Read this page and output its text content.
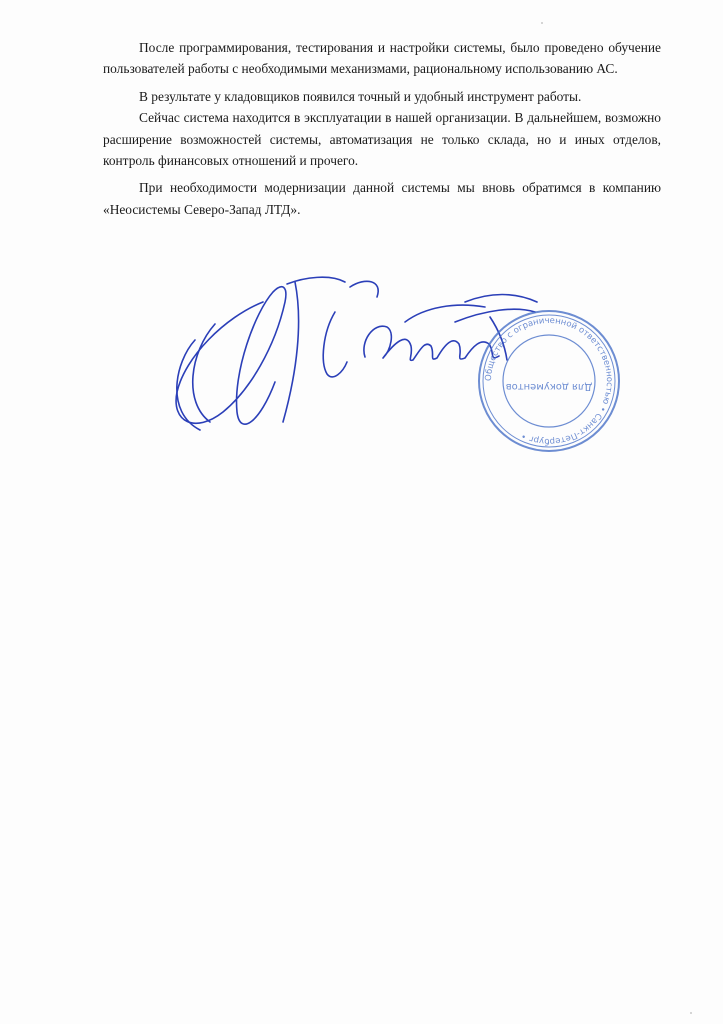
После программирования, тестирования и настройки системы, было проведено обучение пользователей работы с необходимыми механизмами, рациональному использованию АС.

В результате у кладовщиков появился точный и удобный инструмент работы.

Сейчас система находится в эксплуатации в нашей организации. В дальнейшем, возможно расширение возможностей системы, автоматизация не только склада, но и иных отделов, контроль финансовых отношений и прочего.

При необходимости модернизации данной системы мы вновь обратимся в компанию «Неосистемы Северо-Запад ЛТД».

Общество с ограниченной ответственностью • Санкт-Петербург •
Для документов
